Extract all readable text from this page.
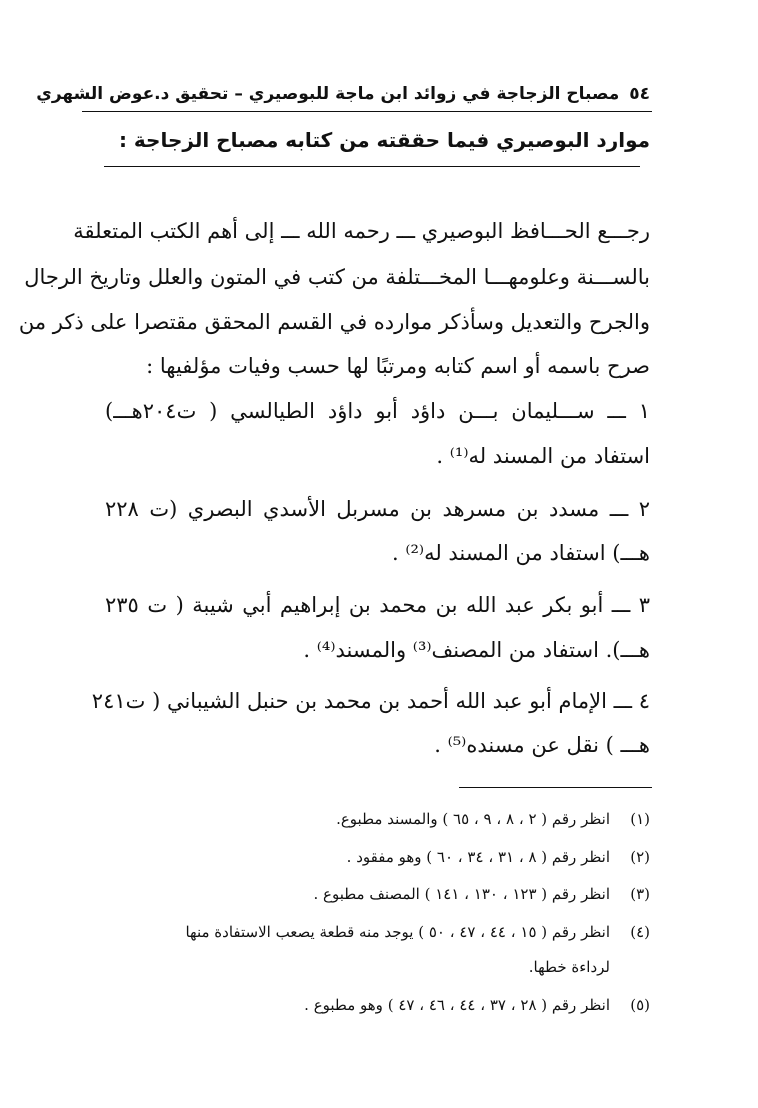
٥٤مصباح الزجاجة في زوائد ابن ماجة للبوصيري – تحقيق د.عوض الشهري
موارد البوصيري فيما حققته من كتابه مصباح الزجاجة :
رجـــع الحـــافظ البوصيري ـــ رحمه الله ـــ إلى أهم الكتب المتعلقة
بالســـنة وعلومهـــا المخـــتلفة من كتب في المتون والعلل وتاريخ الرجال
والجرح والتعديل وسأذكر موارده في القسم المحقق مقتصرا على ذكر من
صرح باسمه أو اسم كتابه ومرتبًا لها حسب وفيات مؤلفيها :
١ ـــ ســـليمان بـــن داؤد أبو داؤد الطيالسي ( ت٢٠٤هـــ)
استفاد من المسند له⁽¹⁾ .
٢ ـــ مسدد بن مسرهد بن مسربل الأسدي البصري (ت ٢٢٨
هـــ) استفاد من المسند له⁽²⁾ .
٣ ـــ أبو بكر عبد الله بن محمد بن إبراهيم أبي شيبة ( ت ٢٣٥
هـــ). استفاد من المصنف⁽³⁾ والمسند⁽⁴⁾ .
٤ ـــ الإمام أبو عبد الله أحمد بن محمد بن حنبل الشيباني ( ت٢٤١
هـــ ) نقل عن مسنده⁽⁵⁾ .
(١)انظر رقم ( ٢ ، ٨ ، ٩ ، ٦٥ ) والمسند مطبوع.
(٢)انظر رقم ( ٨ ، ٣١ ، ٣٤ ، ٦٠ ) وهو مفقود .
(٣)انظر رقم ( ١٢٣ ، ١٣٠ ، ١٤١ ) المصنف مطبوع .
(٤)انظر رقم ( ١٥ ، ٤٤ ، ٤٧ ، ٥٠ ) يوجد منه قطعة يصعب الاستفادة منها
لرداءة خطها.
(٥)انظر رقم ( ٢٨ ، ٣٧ ، ٤٤ ، ٤٦ ، ٤٧ ) وهو مطبوع .
